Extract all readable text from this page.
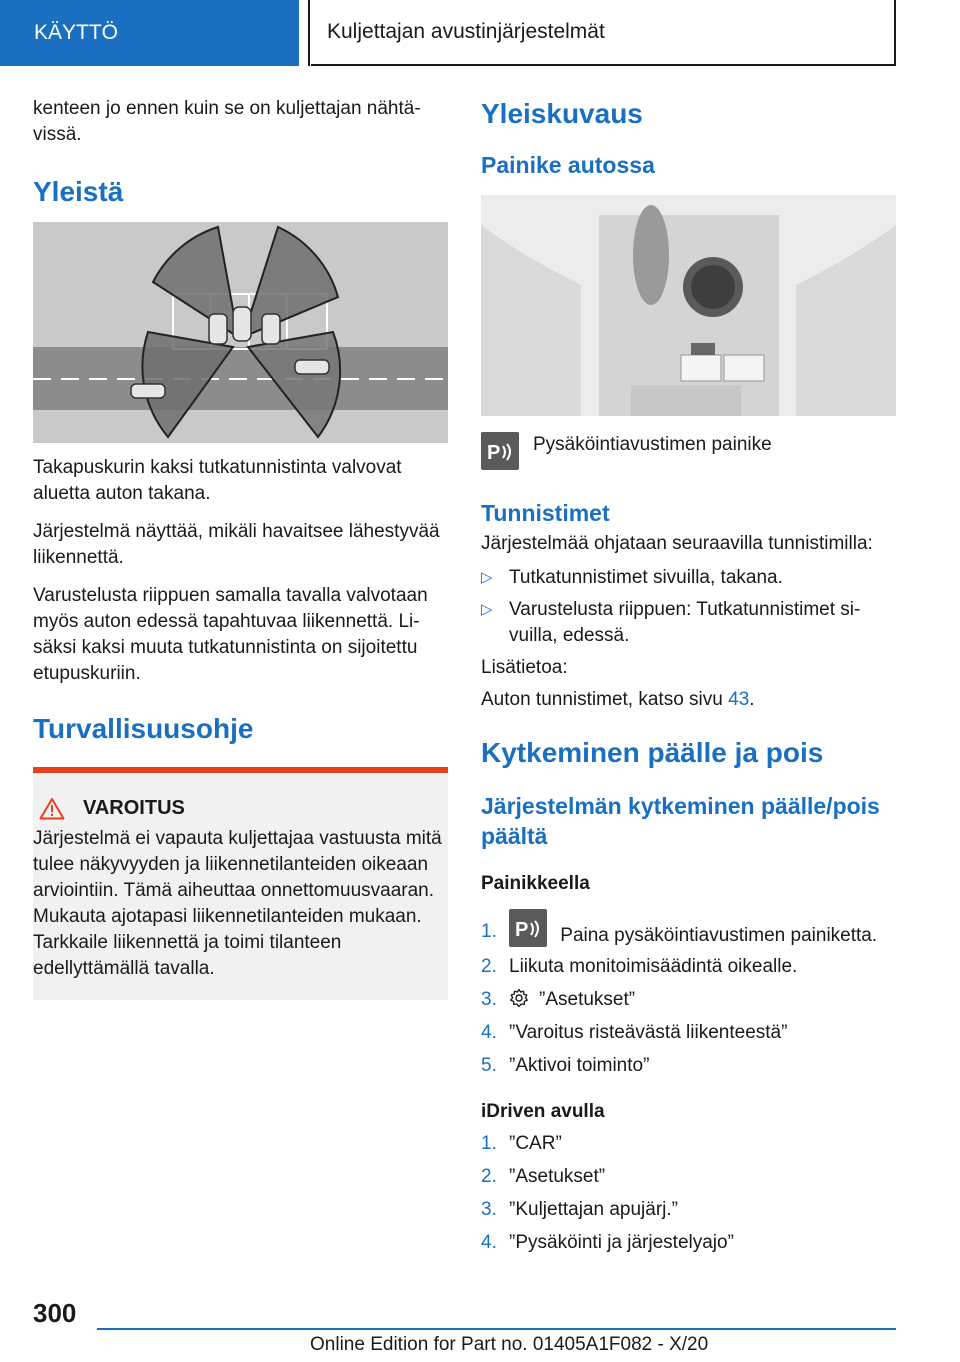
KÄYTTÖ	Kuljettajan avustinjärjestelmät

kenteen jo ennen kuin se on kuljettajan nähtävissä.

Yleistä

Takapuskurin kaksi tutkatunnistinta valvovat aluetta auton takana.

Järjestelmä näyttää, mikäli havaitsee lähestyvää liikennettä.

Varustelusta riippuen samalla tavalla valvotaan myös auton edessä tapahtuvaa liikennettä. Lisäksi kaksi muuta tutkatunnistinta on sijoitettu etupuskuriin.

Turvallisuusohje
VAROITUS

Järjestelmä ei vapauta kuljettajaa vastuusta mitä tulee näkyvyyden ja liikennetilanteiden oikeaan arviointiin. Tämä aiheuttaa onnettomuusvaaran. Mukauta ajotapasi liikennetilanteiden mukaan. Tarkkaile liikennettä ja toimi tilanteen edellyttämällä tavalla.

Yleiskuvaus
Painike autossa
P Pysäköintiavustimen painike

Tunnistimet

Järjestelmää ohjataan seuraavilla tunnistimilla:

▷ Tutkatunnistimet sivuilla, takana.
▷ Varustelusta riippuen: Tutkatunnistimet sivuilla, edessä.

Lisätietoa:

Auton tunnistimet, katso sivu 43.

Kytkeminen päälle ja pois
Järjestelmän kytkeminen päälle/pois päältä
Painikkeella
1. P Paina pysäköintiavustimen painiketta.
2. Liikuta monitoimisäädintä oikealle.
3. ”Asetukset”
4. ”Varoitus risteävästä liikenteestä”
5. ”Aktivoi toiminto”
iDriven avulla
1. ”CAR”
2. ”Asetukset”
3. ”Kuljettajan apujärj.”
4. ”Pysäköinti ja järjestelyajo”
300
Online Edition for Part no. 01405A1F082 - X/20
